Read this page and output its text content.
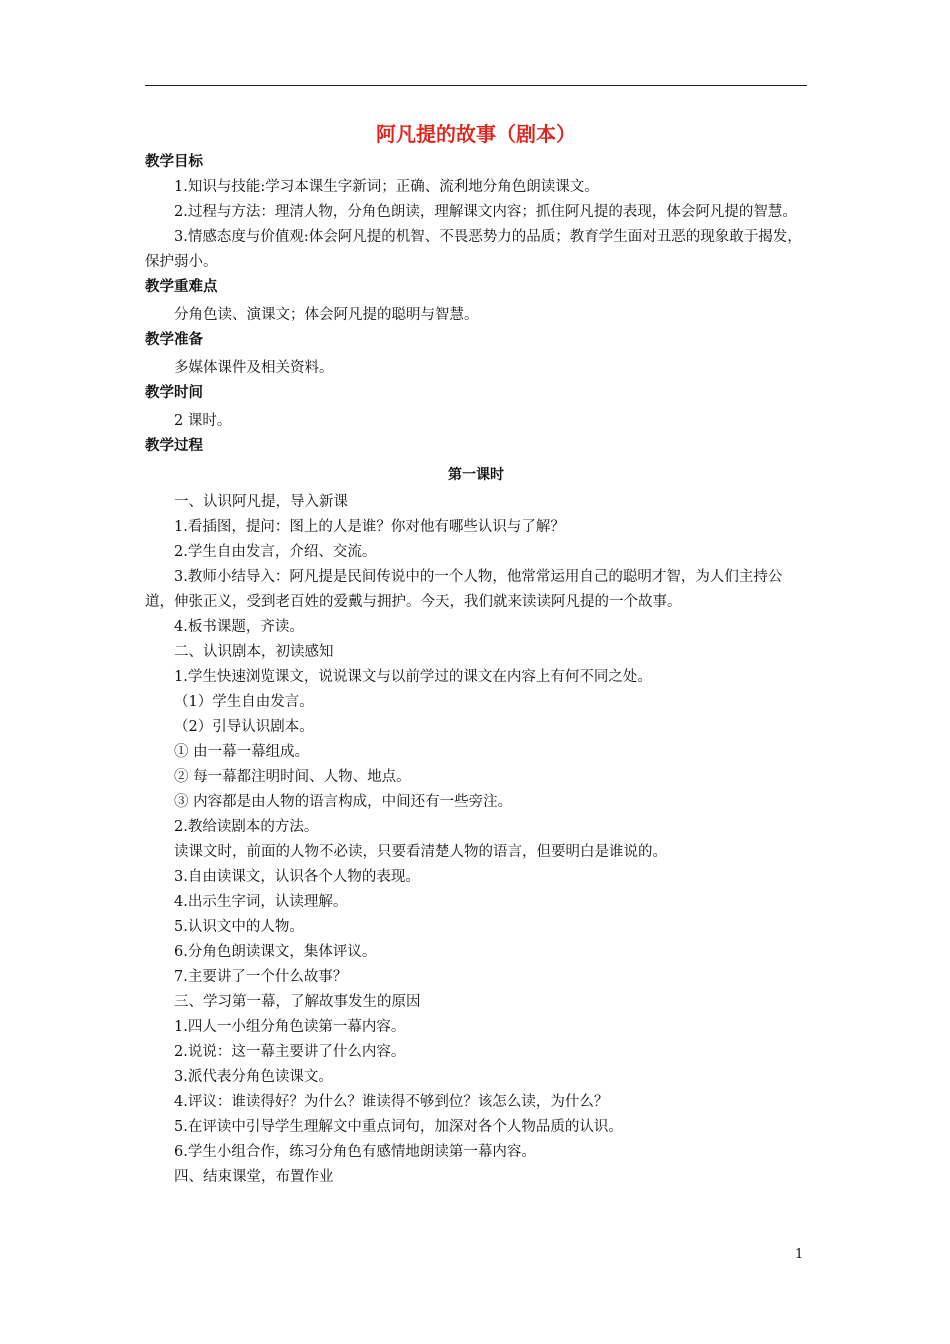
阿凡提的故事（剧本）
教学目标

1.知识与技能:学习本课生字新词；正确、流利地分角色朗读课文。

2.过程与方法：理清人物，分角色朗读，理解课文内容；抓住阿凡提的表现，体会阿凡提的智慧。

3.情感态度与价值观:体会阿凡提的机智、不畏恶势力的品质；教育学生面对丑恶的现象敢于揭发，保护弱小。

教学重难点

分角色读、演课文；体会阿凡提的聪明与智慧。

教学准备

多媒体课件及相关资料。

教学时间

2 课时。

教学过程
第一课时

一、认识阿凡提，导入新课

1.看插图，提问：图上的人是谁？你对他有哪些认识与了解？

2.学生自由发言，介绍、交流。

3.教师小结导入：阿凡提是民间传说中的一个人物，他常常运用自己的聪明才智，为人们主持公道，伸张正义，受到老百姓的爱戴与拥护。今天，我们就来读读阿凡提的一个故事。

4.板书课题，齐读。

二、认识剧本，初读感知

1.学生快速浏览课文，说说课文与以前学过的课文在内容上有何不同之处。

（1）学生自由发言。

（2）引导认识剧本。

① 由一幕一幕组成。

② 每一幕都注明时间、人物、地点。

③ 内容都是由人物的语言构成，中间还有一些旁注。

2.教给读剧本的方法。

读课文时，前面的人物不必读，只要看清楚人物的语言，但要明白是谁说的。

3.自由读课文，认识各个人物的表现。

4.出示生字词，认读理解。

5.认识文中的人物。

6.分角色朗读课文，集体评议。

7.主要讲了一个什么故事？

三、学习第一幕，了解故事发生的原因

1.四人一小组分角色读第一幕内容。

2.说说：这一幕主要讲了什么内容。

3.派代表分角色读课文。

4.评议：谁读得好？为什么？谁读得不够到位？该怎么读，为什么？

5.在评读中引导学生理解文中重点词句，加深对各个人物品质的认识。

6.学生小组合作，练习分角色有感情地朗读第一幕内容。

四、结束课堂，布置作业

1
